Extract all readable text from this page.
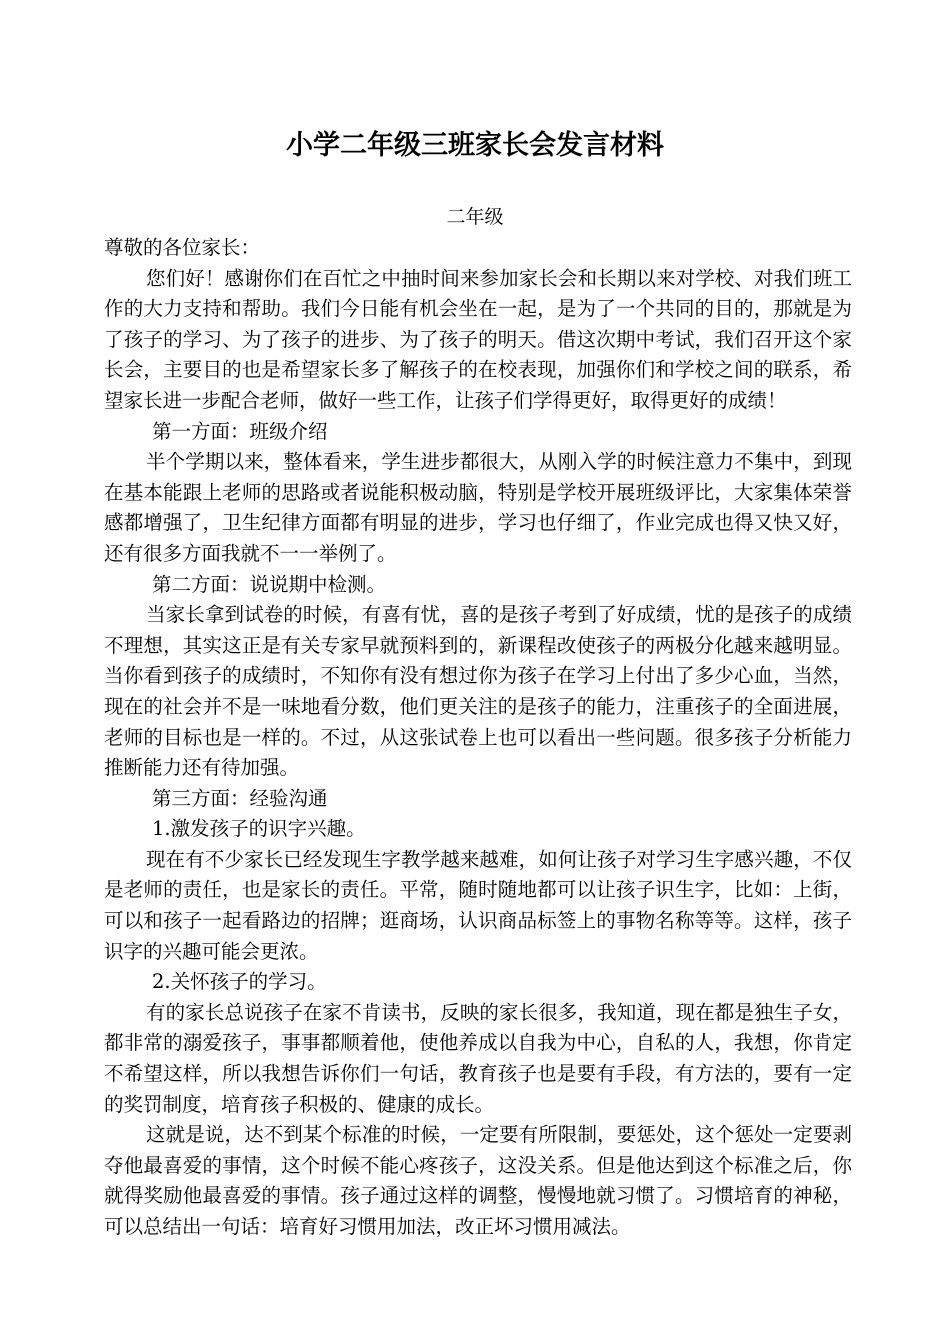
小学二年级三班家长会发言材料
二年级

尊敬的各位家长：

您们好！感谢你们在百忙之中抽时间来参加家长会和长期以来对学校、对我们班工作的大力支持和帮助。我们今日能有机会坐在一起，是为了一个共同的目的，那就是为了孩子的学习、为了孩子的进步、为了孩子的明天。借这次期中考试，我们召开这个家长会，主要目的也是希望家长多了解孩子的在校表现，加强你们和学校之间的联系，希望家长进一步配合老师，做好一些工作，让孩子们学得更好，取得更好的成绩！

第一方面：班级介绍

半个学期以来，整体看来，学生进步都很大，从刚入学的时候注意力不集中，到现在基本能跟上老师的思路或者说能积极动脑，特别是学校开展班级评比，大家集体荣誉感都增强了，卫生纪律方面都有明显的进步，学习也仔细了，作业完成也得又快又好，还有很多方面我就不一一举例了。

第二方面：说说期中检测。

当家长拿到试卷的时候，有喜有忧，喜的是孩子考到了好成绩，忧的是孩子的成绩不理想，其实这正是有关专家早就预料到的，新课程改使孩子的两极分化越来越明显。当你看到孩子的成绩时，不知你有没有想过你为孩子在学习上付出了多少心血，当然，现在的社会并不是一味地看分数，他们更关注的是孩子的能力，注重孩子的全面进展，老师的目标也是一样的。不过，从这张试卷上也可以看出一些问题。很多孩子分析能力推断能力还有待加强。

第三方面：经验沟通

1.激发孩子的识字兴趣。

现在有不少家长已经发现生字教学越来越难，如何让孩子对学习生字感兴趣，不仅是老师的责任，也是家长的责任。平常，随时随地都可以让孩子识生字，比如：上街，可以和孩子一起看路边的招牌；逛商场，认识商品标签上的事物名称等等。这样，孩子识字的兴趣可能会更浓。

2.关怀孩子的学习。

有的家长总说孩子在家不肯读书，反映的家长很多，我知道，现在都是独生子女，都非常的溺爱孩子，事事都顺着他，使他养成以自我为中心，自私的人，我想，你肯定不希望这样，所以我想告诉你们一句话，教育孩子也是要有手段，有方法的，要有一定的奖罚制度，培育孩子积极的、健康的成长。

这就是说，达不到某个标准的时候，一定要有所限制，要惩处，这个惩处一定要剥夺他最喜爱的事情，这个时候不能心疼孩子，这没关系。但是他达到这个标准之后，你就得奖励他最喜爱的事情。孩子通过这样的调整，慢慢地就习惯了。习惯培育的神秘，可以总结出一句话：培育好习惯用加法，改正坏习惯用减法。
